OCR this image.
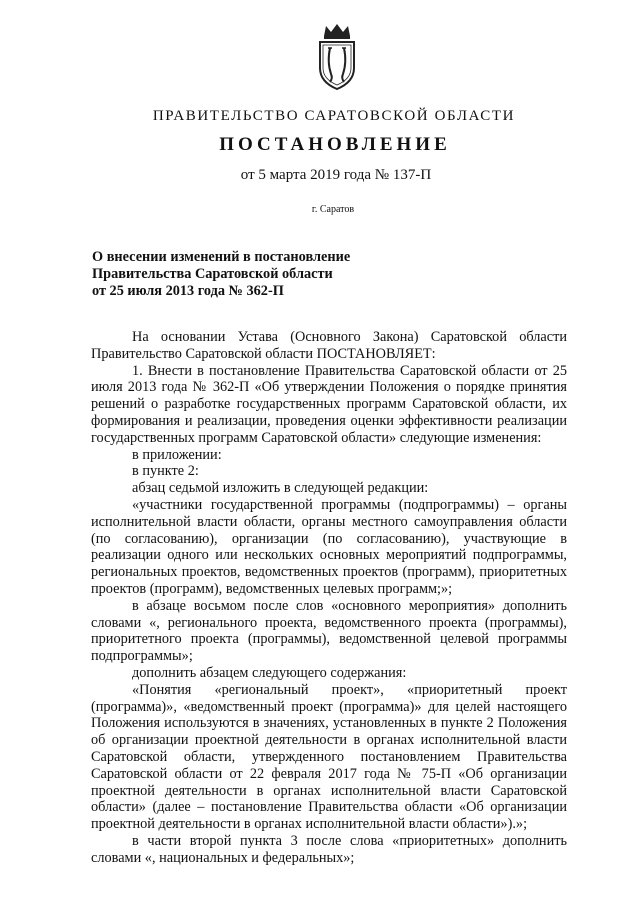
ПРАВИТЕЛЬСТВО САРАТОВСКОЙ ОБЛАСТИ
ПОСТАНОВЛЕНИЕ
от 5 марта 2019 года № 137-П
г. Саратов
О внесении изменений в постановление
Правительства Саратовской области
от 25 июля 2013 года № 362-П

На основании Устава (Основного Закона) Саратовской области Правительство Саратовской области ПОСТАНОВЛЯЕТ:

1. Внести в постановление Правительства Саратовской области от 25 июля 2013 года № 362-П «Об утверждении Положения о порядке принятия решений о разработке государственных программ Саратовской области, их формирования и реализации, проведения оценки эффективности реализации государственных программ Саратовской области» следующие изменения:

в приложении:

в пункте 2:

абзац седьмой изложить в следующей редакции:

«участники государственной программы (подпрограммы) – органы исполнительной власти области, органы местного самоуправления области (по согласованию), организации (по согласованию), участвующие в реализации одного или нескольких основных мероприятий подпрограммы, региональных проектов, ведомственных проектов (программ), приоритетных проектов (программ), ведомственных целевых программ;»;

в абзаце восьмом после слов «основного мероприятия» дополнить словами «, регионального проекта, ведомственного проекта (программы), приоритетного проекта (программы), ведомственной целевой программы подпрограммы»;

дополнить абзацем следующего содержания:

«Понятия «региональный проект», «приоритетный проект (программа)», «ведомственный проект (программа)» для целей настоящего Положения используются в значениях, установленных в пункте 2 Положения об организации проектной деятельности в органах исполнительной власти Саратовской области, утвержденного постановлением Правительства Саратовской области от 22 февраля 2017 года № 75-П «Об организации проектной деятельности в органах исполнительной власти Саратовской области» (далее – постановление Правительства области «Об организации проектной деятельности в органах исполнительной власти области»).»;

в части второй пункта 3 после слова «приоритетных» дополнить словами «, национальных и федеральных»;
